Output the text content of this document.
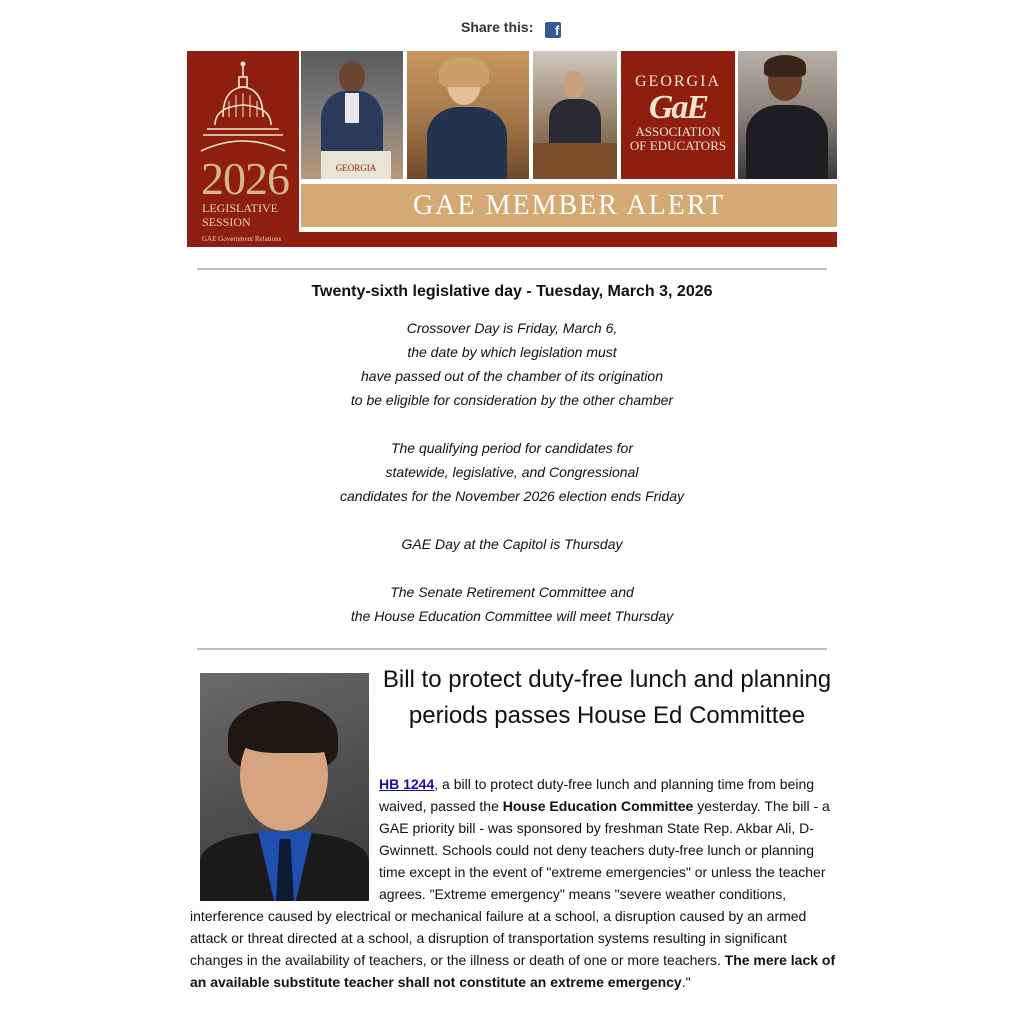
Share this:	f
2026
LEGISLATIVE
SESSION
GEORGIA
GEORGIA
GaE
ASSOCIATION
OF EDUCATORS
GAE MEMBER ALERT
GAE Government Relations
Twenty-sixth legislative day - Tuesday, March 3, 2026

Crossover Day is Friday, March 6,

the date by which legislation must

have passed out of the chamber of its origination

to be eligible for consideration by the other chamber

The qualifying period for candidates for

statewide, legislative, and Congressional

candidates for the November 2026 election ends Friday

GAE Day at the Capitol is Thursday

The Senate Retirement Committee and

the House Education Committee will meet Thursday

Bill to protect duty-free lunch and planning

periods passes House Ed Committee

HB 1244, a bill to protect duty-free lunch and planning time from being waived, passed the House Education Committee yesterday. The bill - a GAE priority bill - was sponsored by freshman State Rep. Akbar Ali, D-Gwinnett. Schools could not deny teachers duty-free lunch or planning time except in the event of "extreme emergencies" or unless the teacher agrees. "Extreme emergency" means "severe weather conditions, interference caused by electrical or mechanical failure at a school, a disruption caused by an armed attack or threat directed at a school, a disruption of transportation systems resulting in significant changes in the availability of teachers, or the illness or death of one or more teachers. The mere lack of an available substitute teacher shall not constitute an extreme emergency."
